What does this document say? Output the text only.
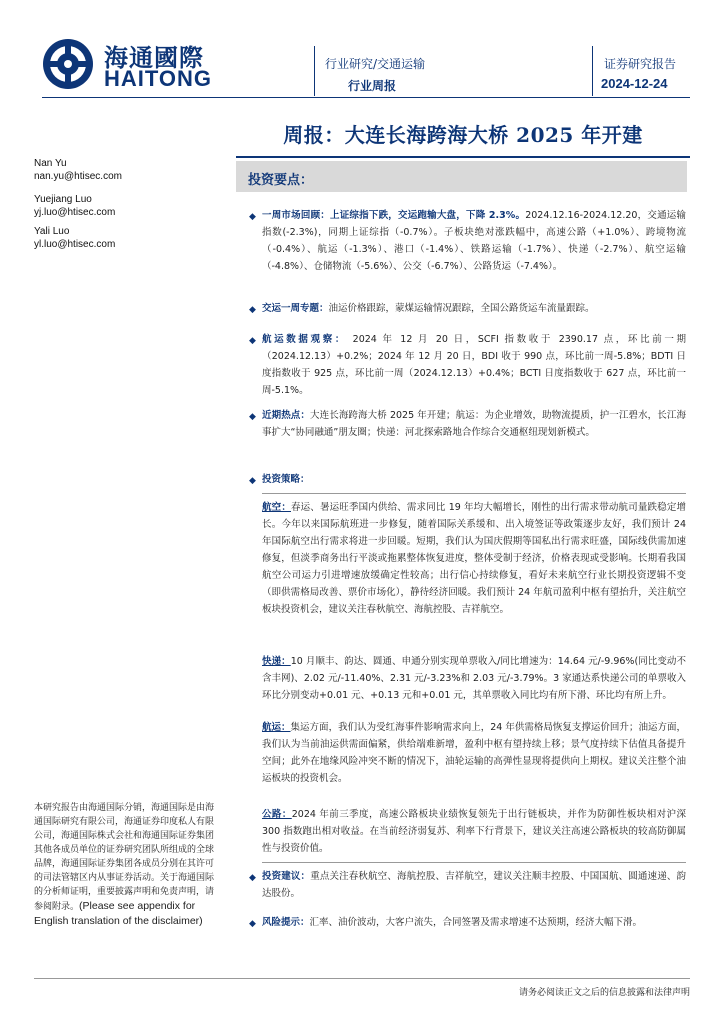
海通國際
HAITONG
行业研究/交通运输
行业周报
证券研究报告
2024-12-24
周报：大连长海跨海大桥 2025 年开建
Nan Yu
nan.yu@htisec.com
Yuejiang Luo
yj.luo@htisec.com
Yali Luo
yl.luo@htisec.com
投资要点：
◆ 一周市场回顾：上证综指下跌，交运跑输大盘，下降 2.3%。2024.12.16-2024.12.20，交通运输指数(-2.3%)，同期上证综指（-0.7%）。子板块绝对涨跌幅中，高速公路（+1.0%）、跨境物流（-0.4%）、航运（-1.3%）、港口（-1.4%）、铁路运输（-1.7%）、快递（-2.7%）、航空运输（-4.8%）、仓储物流（-5.6%）、公交（-6.7%）、公路货运（-7.4%）。
◆ 交运一周专题：油运价格跟踪，蒙煤运输情况跟踪，全国公路货运车流量跟踪。
◆ 航运数据观察： 2024 年 12 月 20 日，SCFI 指数收于 2390.17 点，环比前一期（2024.12.13）+0.2%；2024 年 12 月 20 日，BDI 收于 990 点，环比前一周-5.8%；BDTI 日度指数收于 925 点，环比前一周（2024.12.13）+0.4%；BCTI 日度指数收于 627 点，环比前一周-5.1%。
◆ 近期热点：大连长海跨海大桥 2025 年开建；航运：为企业增效，助物流提质，护一江碧水，长江海事扩大“协同融通”朋友圈；快递：河北探索路地合作综合交通枢纽现划新模式。
◆ 投资策略：
航空：春运、暑运旺季国内供给、需求同比 19 年均大幅增长，刚性的出行需求带动航司量跌稳定增长。今年以来国际航班进一步修复，随着国际关系缓和、出入境签证等政策逐步友好，我们预计 24 年国际航空出行需求将进一步回暖。短期，我们认为国庆假期等国私出行需求旺盛，国际线供需加速修复，但淡季商务出行平淡或拖累整体恢复进度，整体受制于经济，价格表现或受影响。长期看我国航空公司运力引进增速放缓确定性较高；出行信心持续修复，看好未来航空行业长期投资逻辑不变（即供需格局改善、票价市场化），静待经济回暖。我们预计 24 年航司盈利中枢有望抬升，关注航空板块投资机会，建议关注春秋航空、海航控股、吉祥航空。
快递：10 月顺丰、韵达、圆通、申通分别实现单票收入/同比增速为：14.64 元/-9.96%(同比变动不含丰网)、2.02 元/-11.40%、2.31 元/-3.23%和 2.03 元/-3.79%。3 家通达系快递公司的单票收入环比分别变动+0.01 元、+0.13 元和+0.01 元，其单票收入同比均有所下滑、环比均有所上升。
航运：集运方面，我们认为受红海事件影响需求向上，24 年供需格局恢复支撑运价回升；油运方面，我们认为当前油运供需面偏紧，供给端难新增，盈利中枢有望持续上移；景气度持续下估值具备提升空间；此外在地缘风险冲突不断的情况下，油轮运输的高弹性显现将提供向上期权。建议关注整个油运板块的投资机会。
公路：2024 年前三季度，高速公路板块业绩恢复领先于出行链板块，并作为防御性板块相对沪深 300 指数跑出相对收益。在当前经济弱复苏、利率下行背景下，建议关注高速公路板块的较高防御属性与投资价值。
◆ 投资建议：重点关注春秋航空、海航控股、吉祥航空，建议关注顺丰控股、中国国航、圆通速递、韵达股份。
◆ 风险提示：汇率、油价波动，大客户流失，合同签署及需求增速不达预期，经济大幅下滑。
本研究报告由海通国际分销，海通国际是由海通国际研究有限公司，海通证券印度私人有限公司，海通国际株式会社和海通国际证券集团其他各成员单位的证券研究团队所组成的全球品牌，海通国际证券集团各成员分别在其许可的司法管辖区内从事证券活动。关于海通国际的分析师证明，重要披露声明和免责声明，请参阅附录。(Please see appendix for English translation of the disclaimer)
请务必阅读正文之后的信息披露和法律声明
